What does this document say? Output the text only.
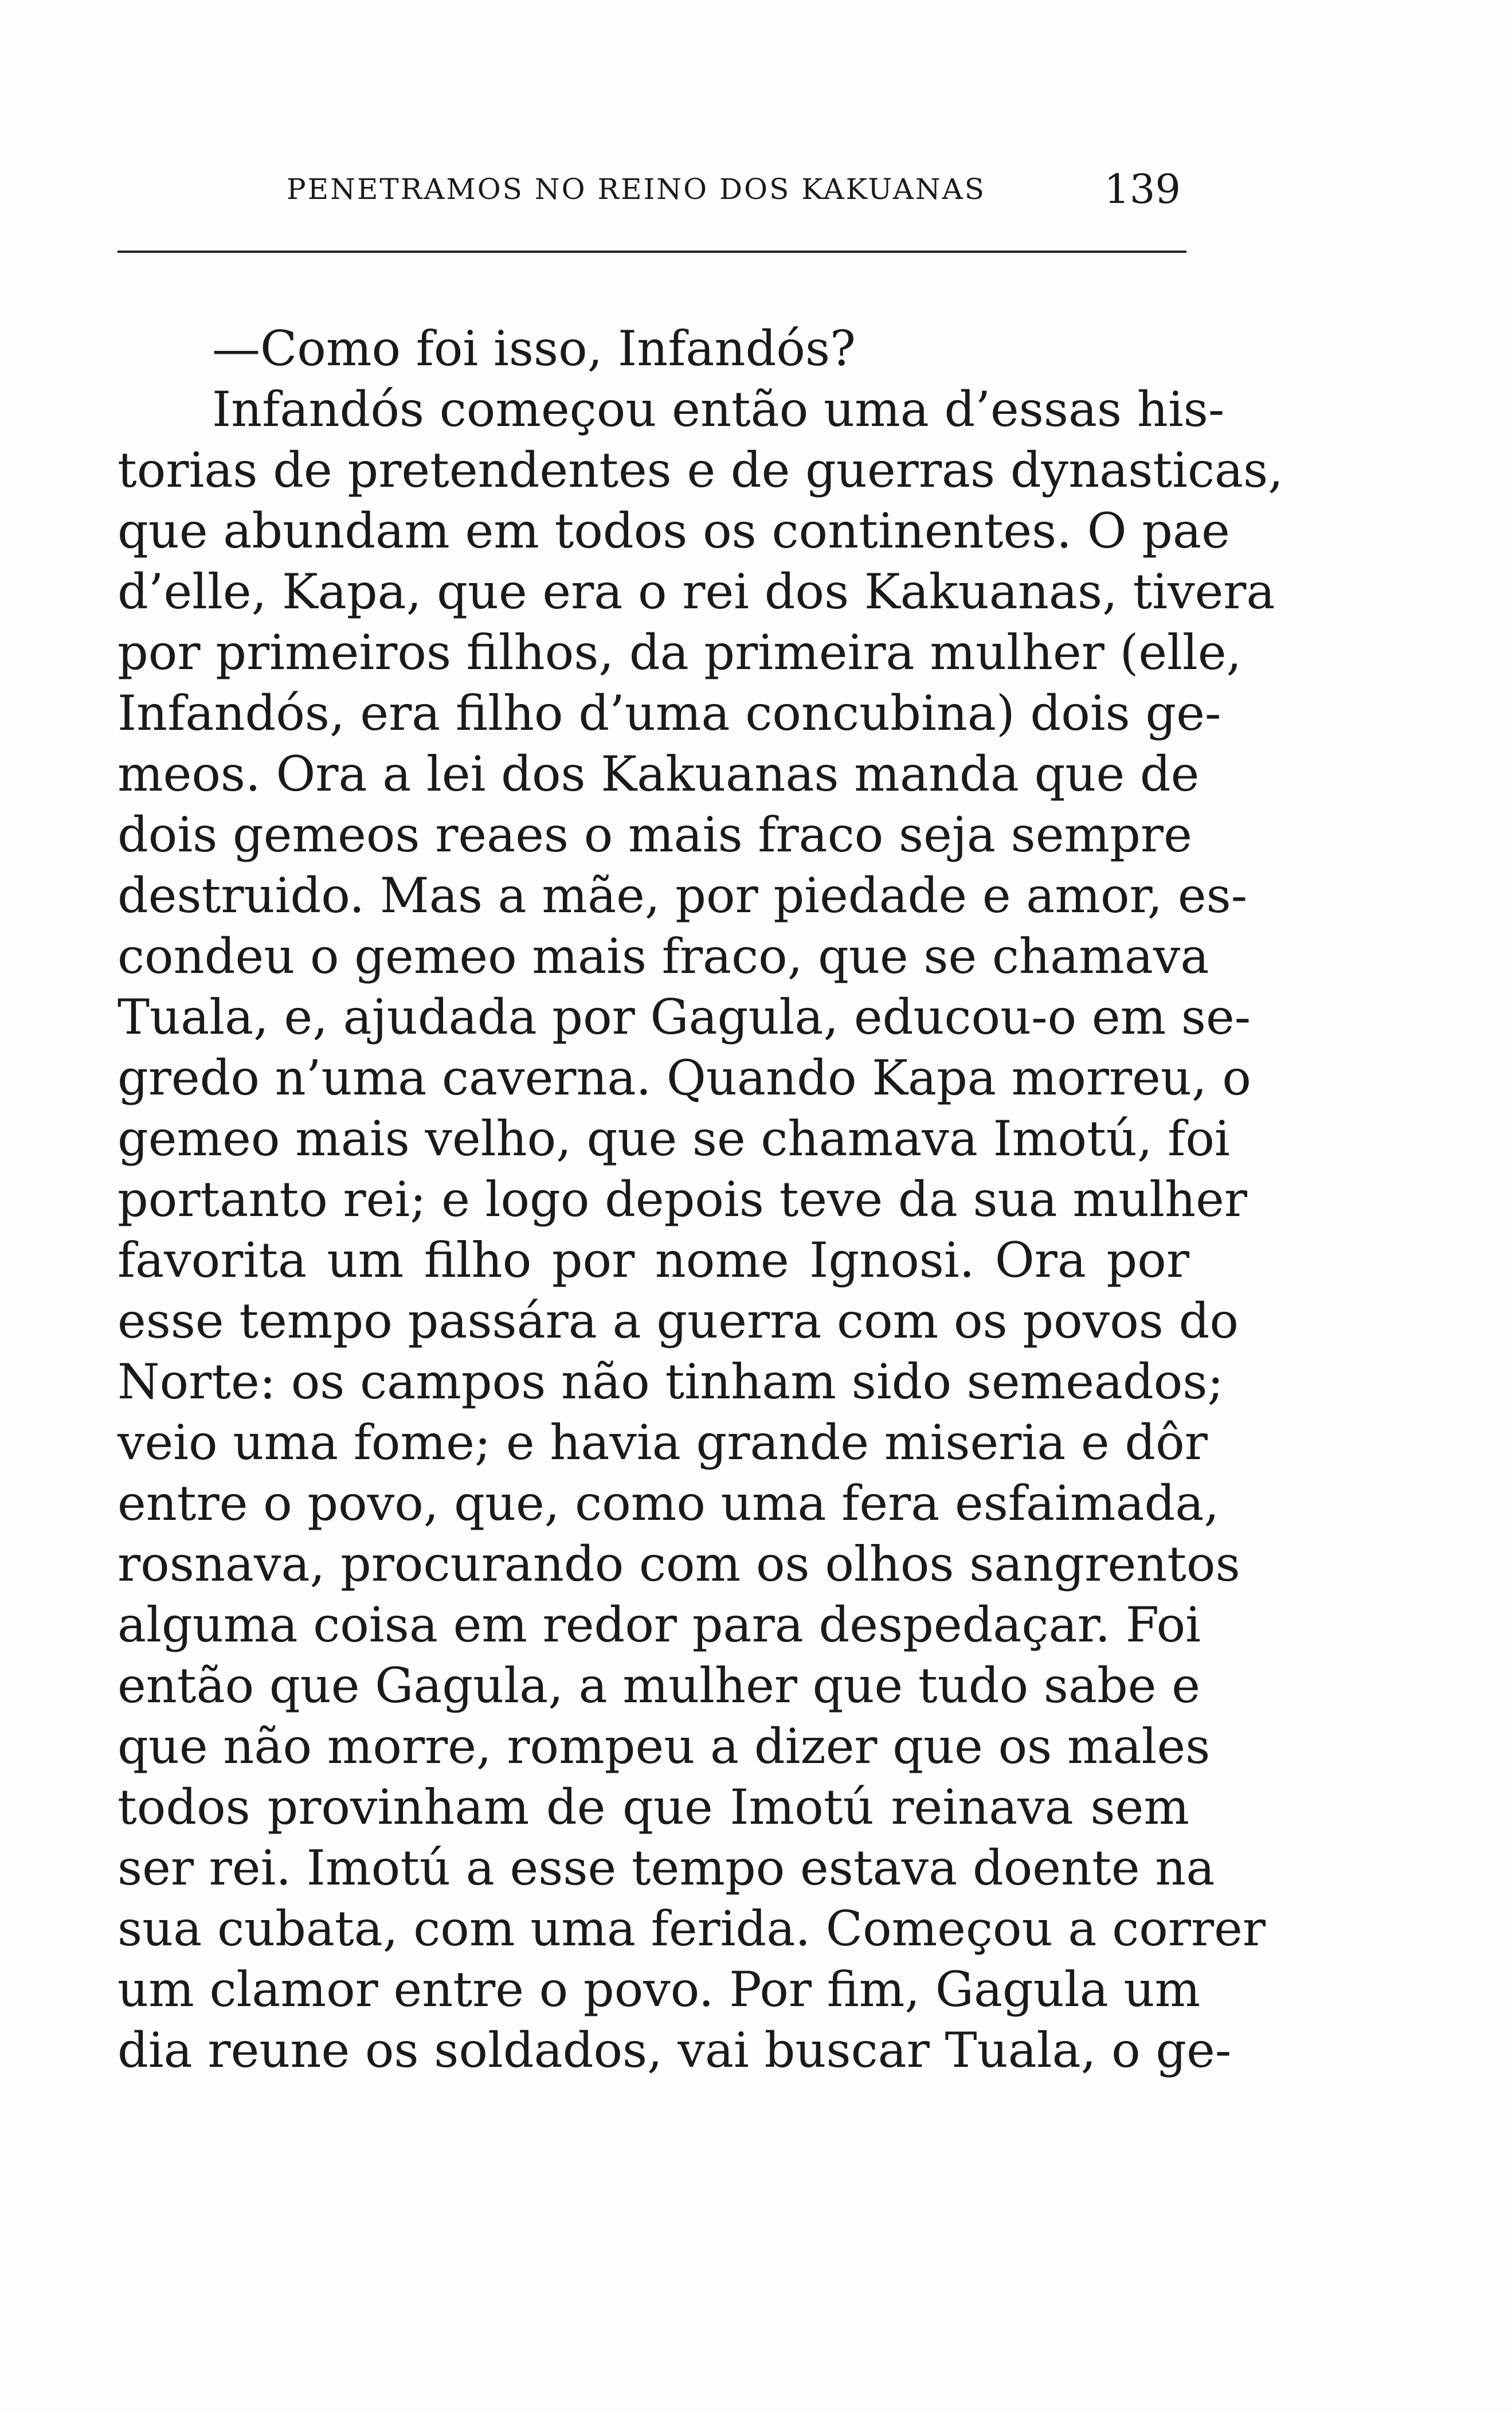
PENETRAMOS NO REINO DOS KAKUANAS	139
—Como foi isso, Infandós?
Infandós começou então uma d’essas his-
torias de pretendentes e de guerras dynasticas,
que abundam em todos os continentes. O pae
d’elle, Kapa, que era o rei dos Kakuanas, tivera
por primeiros filhos, da primeira mulher (elle,
Infandós, era filho d’uma concubina) dois ge-
meos. Ora a lei dos Kakuanas manda que de
dois gemeos reaes o mais fraco seja sempre
destruido. Mas a mãe, por piedade e amor, es-
condeu o gemeo mais fraco, que se chamava
Tuala, e, ajudada por Gagula, educou-o em se-
gredo n’uma caverna. Quando Kapa morreu, o
gemeo mais velho, que se chamava Imotú, foi
portanto rei; e logo depois teve da sua mulher
favorita um filho por nome Ignosi. Ora por
esse tempo passára a guerra com os povos do
Norte: os campos não tinham sido semeados;
veio uma fome; e havia grande miseria e dôr
entre o povo, que, como uma fera esfaimada,
rosnava, procurando com os olhos sangrentos
alguma coisa em redor para despedaçar. Foi
então que Gagula, a mulher que tudo sabe e
que não morre, rompeu a dizer que os males
todos provinham de que Imotú reinava sem
ser rei. Imotú a esse tempo estava doente na
sua cubata, com uma ferida. Começou a correr
um clamor entre o povo. Por fim, Gagula um
dia reune os soldados, vai buscar Tuala, o ge-
